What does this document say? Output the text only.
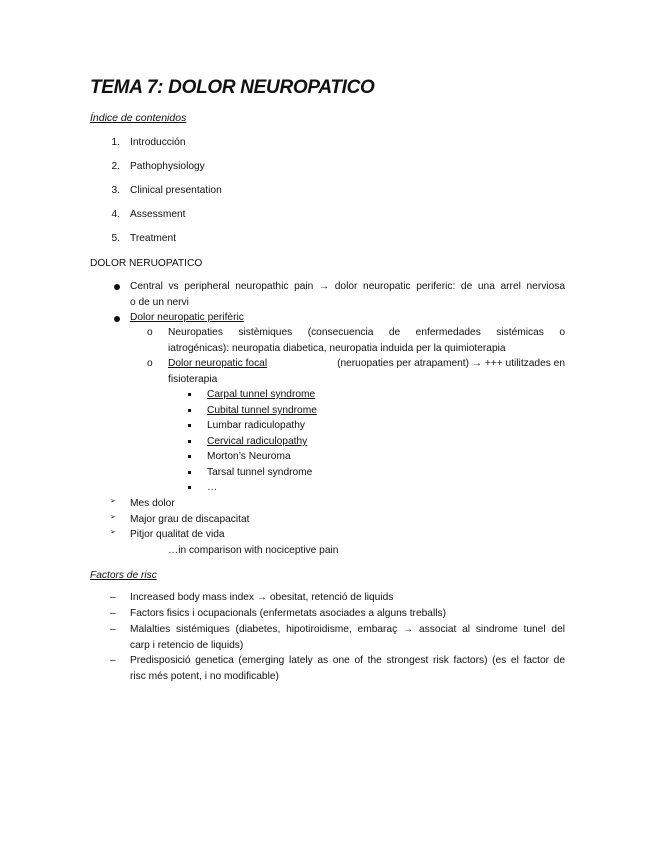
TEMA 7: DOLOR NEUROPATICO
Índice de contenidos
1. Introducción
2. Pathophysiology
3. Clinical presentation
4. Assessment
5. Treatment
DOLOR NERUOPATICO
Central vs peripheral neuropathic pain → dolor neuropatic periferic: de una arrel nerviosa
o de un nervi
Dolor neuropatic perifèric
o Neuropaties sistèmiques (consecuencia de enfermedades sistémicas o
iatrogénicas): neuropatia diabetica, neuropatia induida per la quimioterapia
o Dolor neuropatic focal	(neruopaties per atrapament) → +++ utilitzades en
fisioterapia
Carpal tunnel syndrome
Cubital tunnel syndrome
Lumbar radiculopathy
Cervical radiculopathy
Morton’s Neuroma
Tarsal tunnel syndrome
…
➢ Mes dolor
➢ Major grau de discapacitat
➢ Pitjor qualitat de vida
…in comparison with nociceptive pain
Factors de risc
– Increased body mass index → obesitat, retenció de liquids
– Factors fisics i ocupacionals (enfermetats asociades a alguns treballs)
– Malalties sistémiques (diabetes, hipotiroidisme, embaraç → associat al sindrome tunel del
carp i retencio de liquids)
– Predisposició genetica (emerging lately as one of the strongest risk factors) (es el factor de
risc més potent, i no modificable)
